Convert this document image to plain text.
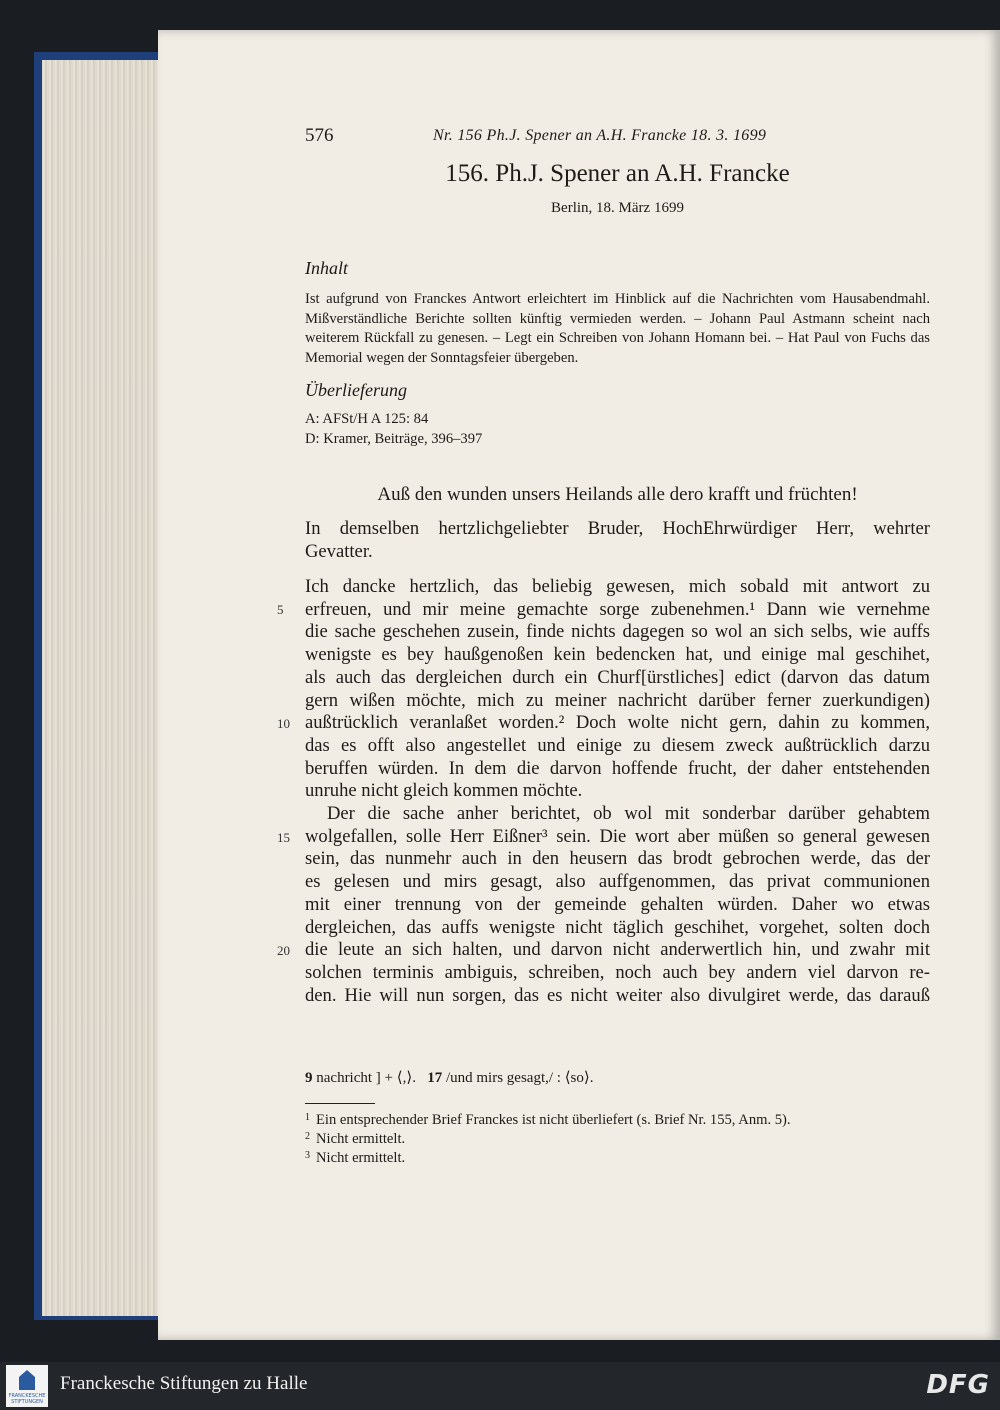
576	Nr. 156 Ph.J. Spener an A.H. Francke 18. 3. 1699
156. Ph.J. Spener an A.H. Francke
Berlin, 18. März 1699
Inhalt

Ist aufgrund von Franckes Antwort erleichtert im Hinblick auf die Nachrichten vom Hausabendmahl. Mißverständliche Berichte sollten künftig vermieden werden. – Johann Paul Astmann scheint nach weiterem Rückfall zu genesen. – Legt ein Schreiben von Johann Homann bei. – Hat Paul von Fuchs das Memorial wegen der Sonntagsfeier übergeben.

Überlieferung

A: AFSt/H A 125: 84

D: Kramer, Beiträge, 396–397

Auß den wunden unsers Heilands alle dero krafft und früchten!
In demselben hertzlichgeliebter Bruder, HochEhrwürdiger Herr, wehrter
Gevatter.
Ich dancke hertzlich, das beliebig gewesen, mich sobald mit antwort zu
erfreuen, und mir meine gemachte sorge zubenehmen.¹ Dann wie vernehme
die sache geschehen zusein, finde nichts dagegen so wol an sich selbs, wie auffs
wenigste es bey haußgenoßen kein bedencken hat, und einige mal geschihet,
als auch das dergleichen durch ein Churf[ürstliches] edict (darvon das datum
gern wißen möchte, mich zu meiner nachricht darüber ferner zuerkundigen)
außtrücklich veranlaßet worden.² Doch wolte nicht gern, dahin zu kommen,
das es offt also angestellet und einige zu diesem zweck außtrücklich darzu
beruffen würden. In dem die darvon hoffende frucht, der daher entstehenden
unruhe nicht gleich kommen möchte.
Der die sache anher berichtet, ob wol mit sonderbar darüber gehabtem
wolgefallen, solle Herr Eißner³ sein. Die wort aber müßen so general gewesen
sein, das nunmehr auch in den heusern das brodt gebrochen werde, das der
es gelesen und mirs gesagt, also auffgenommen, das privat communionen
mit einer trennung von der gemeinde gehalten würden. Daher wo etwas
dergleichen, das auffs wenigste nicht täglich geschihet, vorgehet, solten doch
die leute an sich halten, und darvon nicht anderwertlich hin, und zwahr mit
solchen terminis ambiguis, schreiben, noch auch bey andern viel darvon re-
den. Hie will nun sorgen, das es nicht weiter also divulgiret werde, das darauß
5
10
15
20
9 nachricht ] + ⟨,⟩. 17 /und mirs gesagt,/ : ⟨so⟩.
$^1$ Ein entsprechender Brief Franckes ist nicht überliefert (s. Brief Nr. 155, Anm. 5).
$^2$ Nicht ermittelt.
$^3$ Nicht ermittelt.
FRANCKESCHE STIFTUNGEN
Franckesche Stiftungen zu Halle	DFG
